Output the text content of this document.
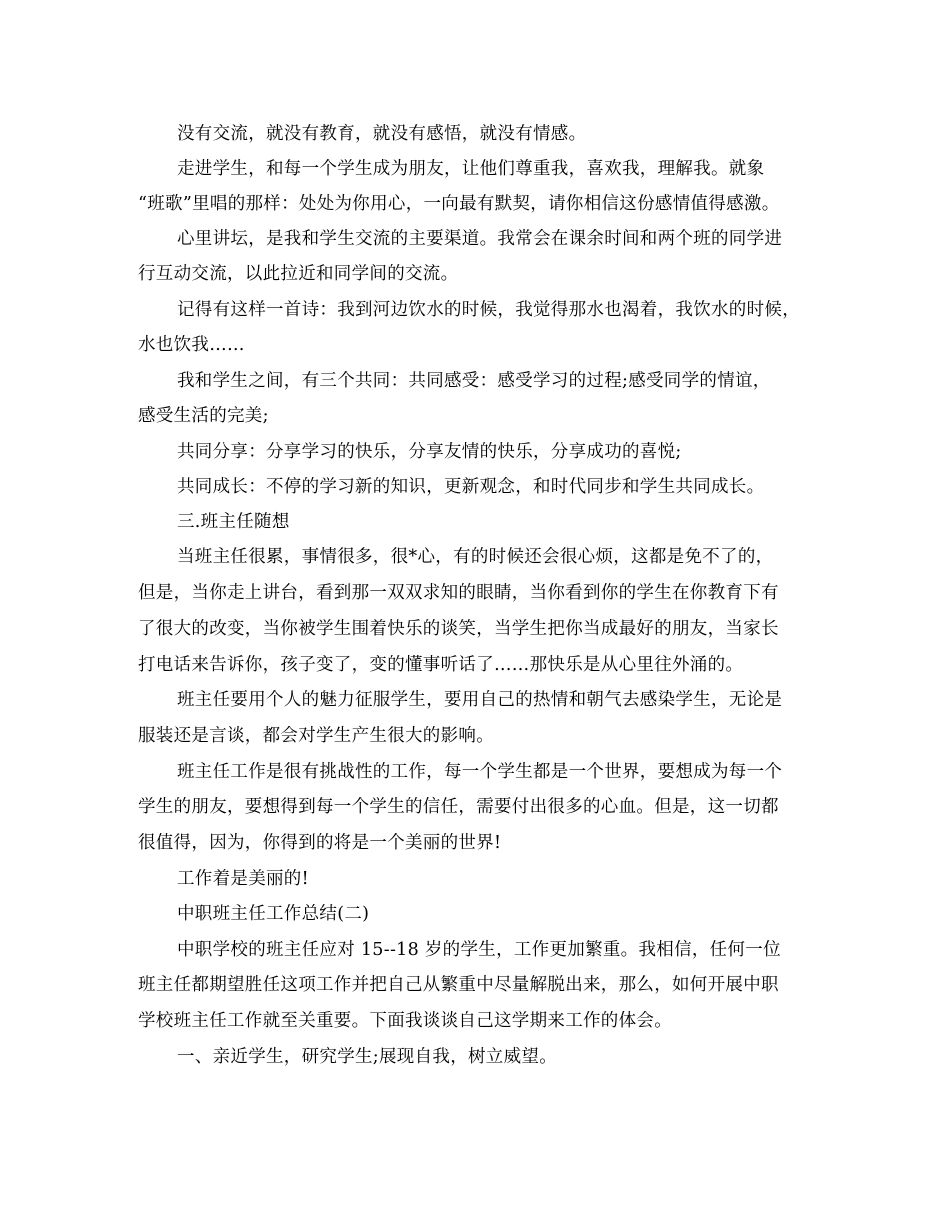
没有交流，就没有教育，就没有感悟，就没有情感。
走进学生，和每一个学生成为朋友，让他们尊重我，喜欢我，理解我。就象
“班歌”里唱的那样：处处为你用心，一向最有默契，请你相信这份感情值得感激。
心里讲坛，是我和学生交流的主要渠道。我常会在课余时间和两个班的同学进
行互动交流，以此拉近和同学间的交流。
记得有这样一首诗：我到河边饮水的时候，我觉得那水也渴着，我饮水的时候，
水也饮我……
我和学生之间，有三个共同：共同感受：感受学习的过程;感受同学的情谊，
感受生活的完美;
共同分享：分享学习的快乐，分享友情的快乐，分享成功的喜悦;
共同成长：不停的学习新的知识，更新观念，和时代同步和学生共同成长。
三.班主任随想
当班主任很累，事情很多，很*心，有的时候还会很心烦，这都是免不了的，
但是，当你走上讲台，看到那一双双求知的眼睛，当你看到你的学生在你教育下有
了很大的改变，当你被学生围着快乐的谈笑，当学生把你当成最好的朋友，当家长
打电话来告诉你，孩子变了，变的懂事听话了……那快乐是从心里往外涌的。
班主任要用个人的魅力征服学生，要用自己的热情和朝气去感染学生，无论是
服装还是言谈，都会对学生产生很大的影响。
班主任工作是很有挑战性的工作，每一个学生都是一个世界，要想成为每一个
学生的朋友，要想得到每一个学生的信任，需要付出很多的心血。但是，这一切都
很值得，因为，你得到的将是一个美丽的世界!
工作着是美丽的!
中职班主任工作总结(二)
中职学校的班主任应对 15--18 岁的学生，工作更加繁重。我相信，任何一位
班主任都期望胜任这项工作并把自己从繁重中尽量解脱出来，那么，如何开展中职
学校班主任工作就至关重要。下面我谈谈自己这学期来工作的体会。
一、亲近学生，研究学生;展现自我，树立威望。
